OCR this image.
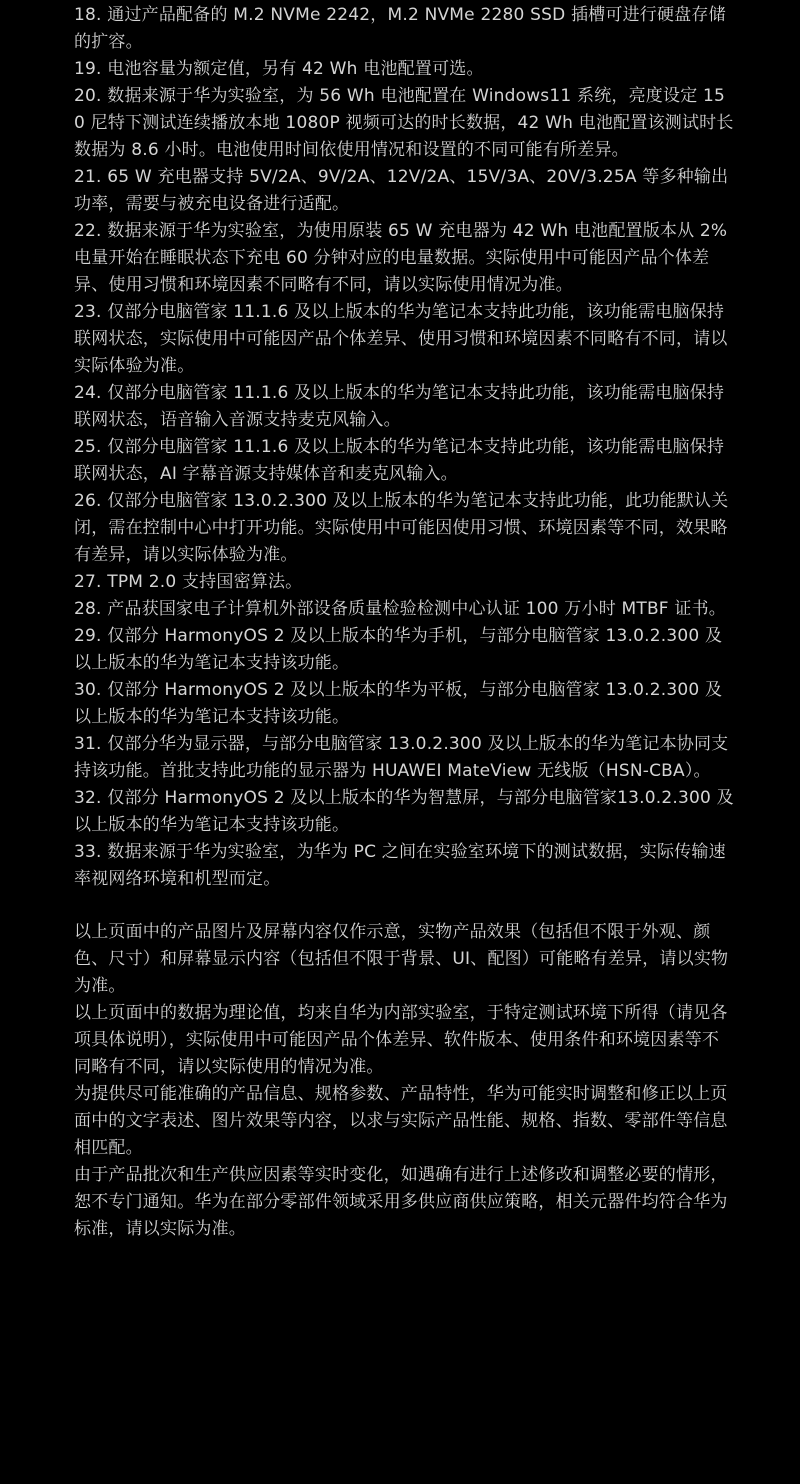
18. 通过产品配备的 M.2 NVMe 2242，M.2 NVMe 2280 SSD 插槽可进行硬盘存储的扩容。

19. 电池容量为额定值，另有 42 Wh 电池配置可选。

20. 数据来源于华为实验室，为 56 Wh 电池配置在 Windows11 系统，亮度设定 150 尼特下测试连续播放本地 1080P 视频可达的时长数据，42 Wh 电池配置该测试时长数据为 8.6 小时。电池使用时间依使用情况和设置的不同可能有所差异。

21. 65 W 充电器支持 5V/2A、9V/2A、12V/2A、15V/3A、20V/3.25A 等多种输出功率，需要与被充电设备进行适配。

22. 数据来源于华为实验室，为使用原装 65 W 充电器为 42 Wh 电池配置版本从 2% 电量开始在睡眠状态下充电 60 分钟对应的电量数据。实际使用中可能因产品个体差异、使用习惯和环境因素不同略有不同，请以实际使用情况为准。

23. 仅部分电脑管家 11.1.6 及以上版本的华为笔记本支持此功能，该功能需电脑保持联网状态，实际使用中可能因产品个体差异、使用习惯和环境因素不同略有不同，请以实际体验为准。

24. 仅部分电脑管家 11.1.6 及以上版本的华为笔记本支持此功能，该功能需电脑保持联网状态，语音输入音源支持麦克风输入。

25. 仅部分电脑管家 11.1.6 及以上版本的华为笔记本支持此功能，该功能需电脑保持联网状态，AI 字幕音源支持媒体音和麦克风输入。

26. 仅部分电脑管家 13.0.2.300 及以上版本的华为笔记本支持此功能，此功能默认关闭，需在控制中心中打开功能。实际使用中可能因使用习惯、环境因素等不同，效果略有差异，请以实际体验为准。

27. TPM 2.0 支持国密算法。

28. 产品获国家电子计算机外部设备质量检验检测中心认证 100 万小时 MTBF 证书。

29. 仅部分 HarmonyOS 2 及以上版本的华为手机，与部分电脑管家 13.0.2.300 及以上版本的华为笔记本支持该功能。

30. 仅部分 HarmonyOS 2 及以上版本的华为平板，与部分电脑管家 13.0.2.300 及以上版本的华为笔记本支持该功能。

31. 仅部分华为显示器，与部分电脑管家 13.0.2.300 及以上版本的华为笔记本协同支持该功能。首批支持此功能的显示器为 HUAWEI MateView 无线版（HSN-CBA）。

32. 仅部分 HarmonyOS 2 及以上版本的华为智慧屏，与部分电脑管家13.0.2.300 及以上版本的华为笔记本支持该功能。

33. 数据来源于华为实验室，为华为 PC 之间在实验室环境下的测试数据，实际传输速率视网络环境和机型而定。

以上页面中的产品图片及屏幕内容仅作示意，实物产品效果（包括但不限于外观、颜色、尺寸）和屏幕显示内容（包括但不限于背景、UI、配图）可能略有差异，请以实物为准。

以上页面中的数据为理论值，均来自华为内部实验室，于特定测试环境下所得（请见各项具体说明），实际使用中可能因产品个体差异、软件版本、使用条件和环境因素等不同略有不同，请以实际使用的情况为准。

为提供尽可能准确的产品信息、规格参数、产品特性，华为可能实时调整和修正以上页面中的文字表述、图片效果等内容，以求与实际产品性能、规格、指数、零部件等信息相匹配。

由于产品批次和生产供应因素等实时变化，如遇确有进行上述修改和调整必要的情形，恕不专门通知。华为在部分零部件领域采用多供应商供应策略，相关元器件均符合华为标准，请以实际为准。
